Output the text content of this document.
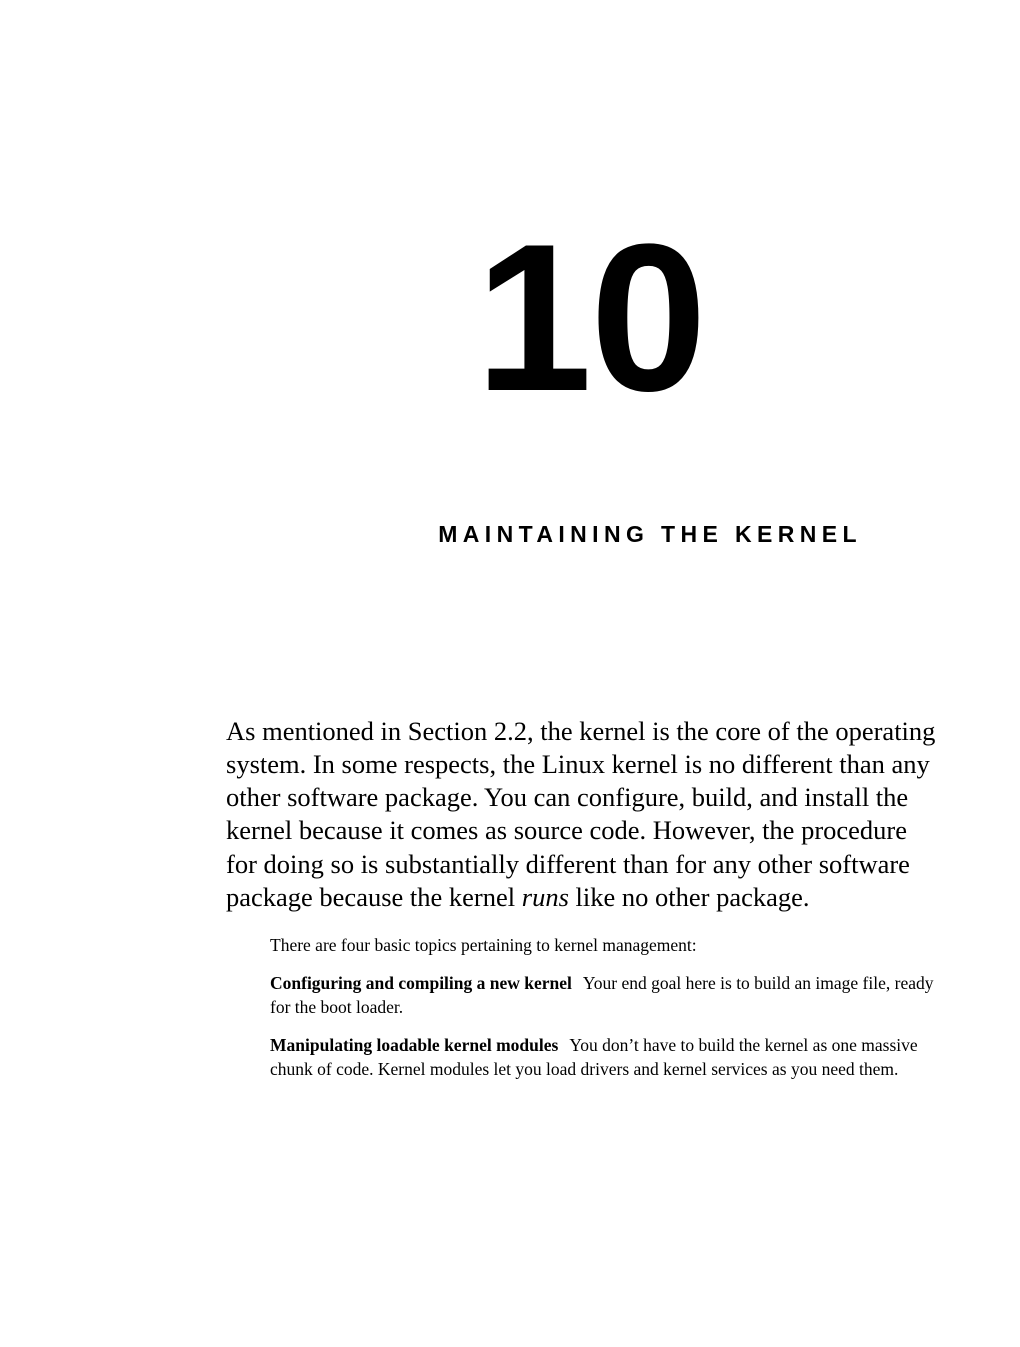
10
MAINTAINING THE KERNEL

As mentioned in Section 2.2, the kernel is the core of the operating system. In some respects, the Linux kernel is no different than any other software package. You can configure, build, and install the kernel because it comes as source code. However, the procedure for doing so is substantially different than for any other software package because the kernel runs like no other package.

There are four basic topics pertaining to kernel management:

Configuring and compiling a new kernel Your end goal here is to build an image file, ready for the boot loader.

Manipulating loadable kernel modules You don’t have to build the kernel as one massive chunk of code. Kernel modules let you load drivers and kernel services as you need them.
